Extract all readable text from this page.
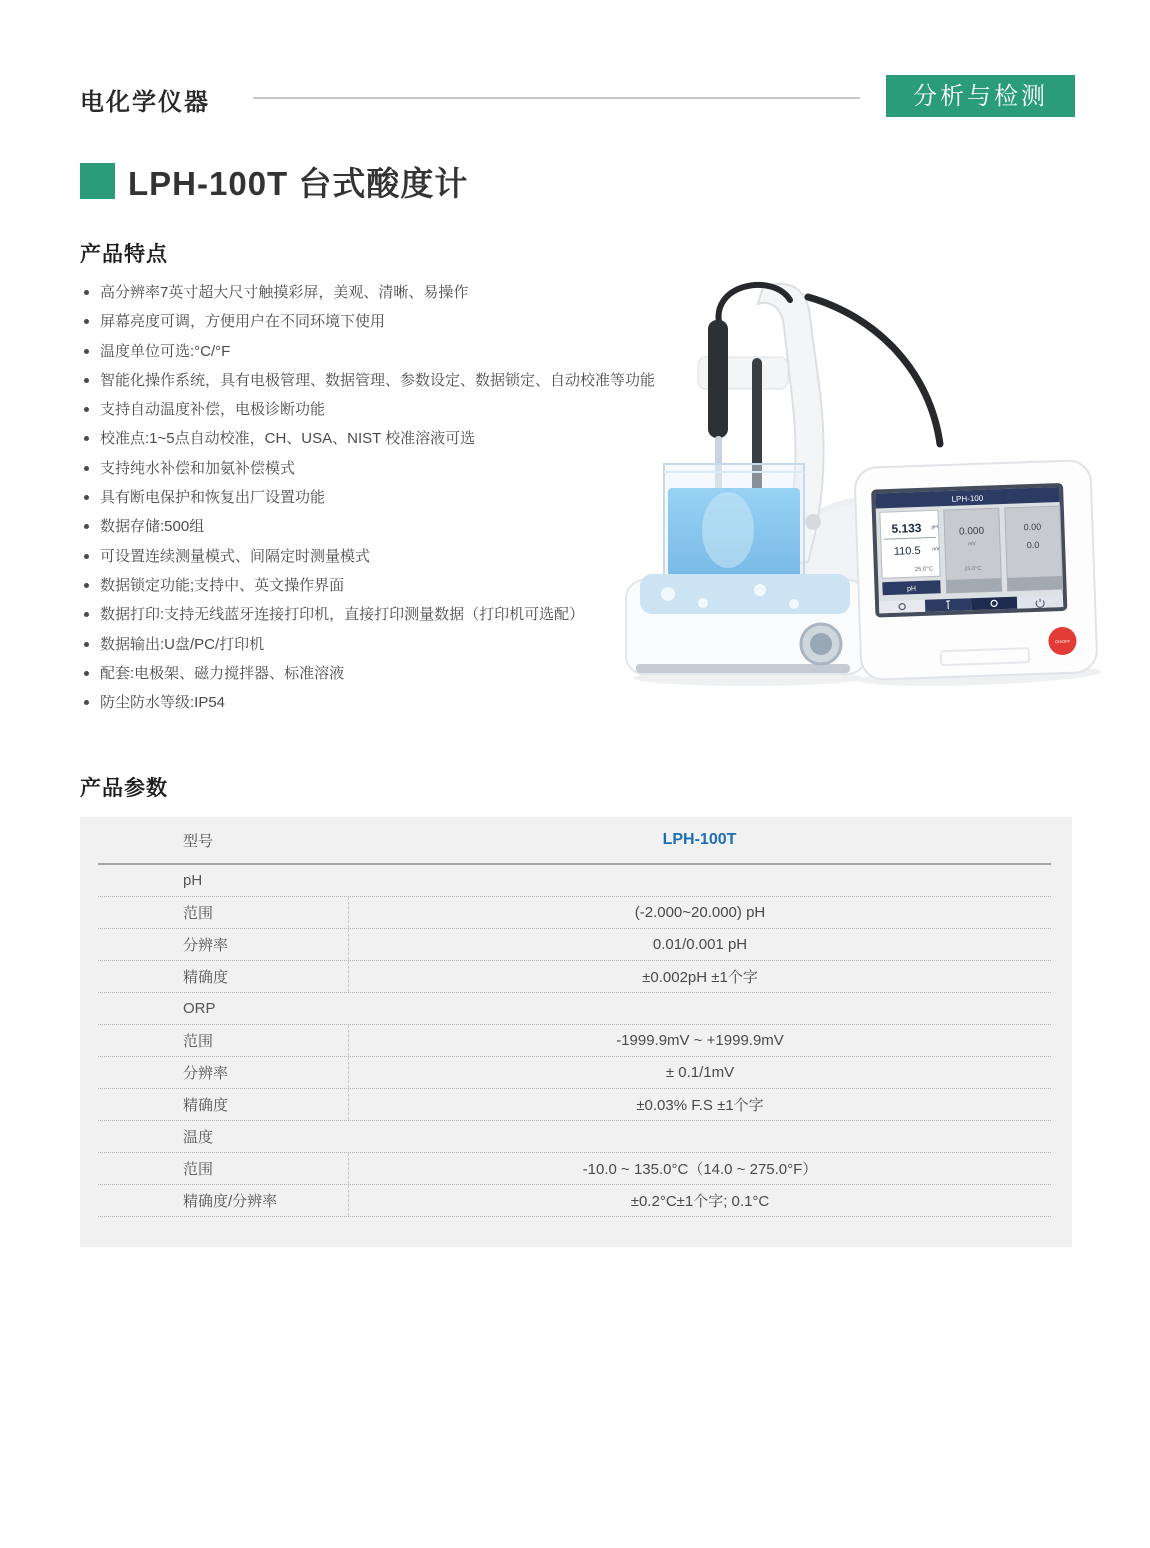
电化学仪器	分析与检测
LPH-100T 台式酸度计
产品特点
高分辨率7英寸超大尺寸触摸彩屏，美观、清晰、易操作
屏幕亮度可调，方便用户在不同环境下使用
温度单位可选:°C/°F
智能化操作系统，具有电极管理、数据管理、参数设定、数据锁定、自动校准等功能
支持自动温度补偿，电极诊断功能
校准点:1~5点自动校准，CH、USA、NIST 校准溶液可选
支持纯水补偿和加氨补偿模式
具有断电保护和恢复出厂设置功能
数据存储:500组
可设置连续测量模式、间隔定时测量模式
数据锁定功能;支持中、英文操作界面
数据打印:支持无线蓝牙连接打印机，直接打印测量数据（打印机可选配）
数据输出:U盘/PC/打印机
配套:电极架、磁力搅拌器、标准溶液
防尘防水等级:IP54
LPH-100
5.133 pH
110.5 mV
25.0°C
pH
0.000
mV
25.0°C
0.00
0.0
ON/OFF
产品参数
型号	LPH-100T
pH
范围	(-2.000~20.000) pH
分辨率	0.01/0.001 pH
精确度	±0.002pH ±1个字
ORP
范围	-1999.9mV ~ +1999.9mV
分辨率	± 0.1/1mV
精确度	±0.03% F.S ±1个字
温度
范围	-10.0 ~ 135.0°C（14.0 ~ 275.0°F）
精确度/分辨率	±0.2°C±1个字; 0.1°C
